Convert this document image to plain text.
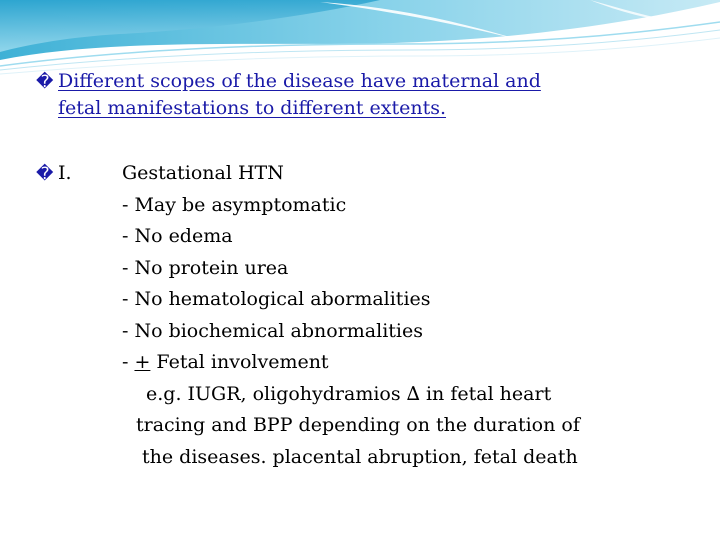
� Different scopes of the disease have maternal and
fetal manifestations to different extents.
� I.	Gestational HTN
- May be asymptomatic
- No edema
- No protein urea
- No hematological abormalities
- No biochemical abnormalities
- + Fetal involvement
e.g. IUGR, oligohydramios ∆ in fetal heart
tracing and BPP depending on the duration of
the diseases. placental abruption, fetal death
